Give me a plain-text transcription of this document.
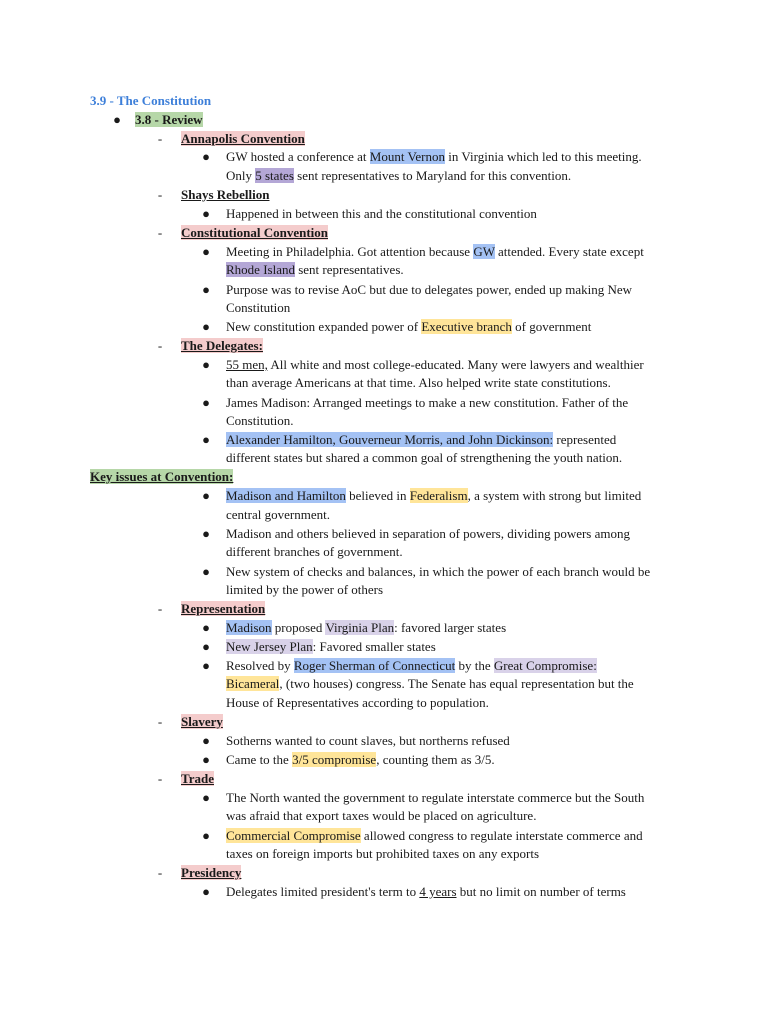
3.9 - The Constitution
● 3.8 - Review
-	Annapolis Convention
● GW hosted a conference at Mount Vernon in Virginia which led to this meeting.
Only 5 states sent representatives to Maryland for this convention.
-	Shays Rebellion
● Happened in between this and the constitutional convention
-	Constitutional Convention
● Meeting in Philadelphia. Got attention because GW attended. Every state except
Rhode Island sent representatives.
● Purpose was to revise AoC but due to delegates power, ended up making New
Constitution
● New constitution expanded power of Executive branch of government
-	The Delegates:
● 55 men, All white and most college-educated. Many were lawyers and wealthier
than average Americans at that time. Also helped write state constitutions.
● James Madison: Arranged meetings to make a new constitution. Father of the
Constitution.
● Alexander Hamilton, Gouverneur Morris, and John Dickinson: represented
different states but shared a common goal of strengthening the youth nation.
Key issues at Convention:
● Madison and Hamilton believed in Federalism, a system with strong but limited
central government.
● Madison and others believed in separation of powers, dividing powers among
different branches of government.
● New system of checks and balances, in which the power of each branch would be
limited by the power of others
-	Representation
● Madison proposed Virginia Plan: favored larger states
● New Jersey Plan: Favored smaller states
● Resolved by Roger Sherman of Connecticut by the Great Compromise:
Bicameral, (two houses) congress. The Senate has equal representation but the
House of Representatives according to population.
-	Slavery
● Sotherns wanted to count slaves, but northerns refused
● Came to the 3/5 compromise, counting them as 3/5.
-	Trade
● The North wanted the government to regulate interstate commerce but the South
was afraid that export taxes would be placed on agriculture.
● Commercial Compromise allowed congress to regulate interstate commerce and
taxes on foreign imports but prohibited taxes on any exports
-	Presidency
● Delegates limited president's term to 4 years but no limit on number of terms
